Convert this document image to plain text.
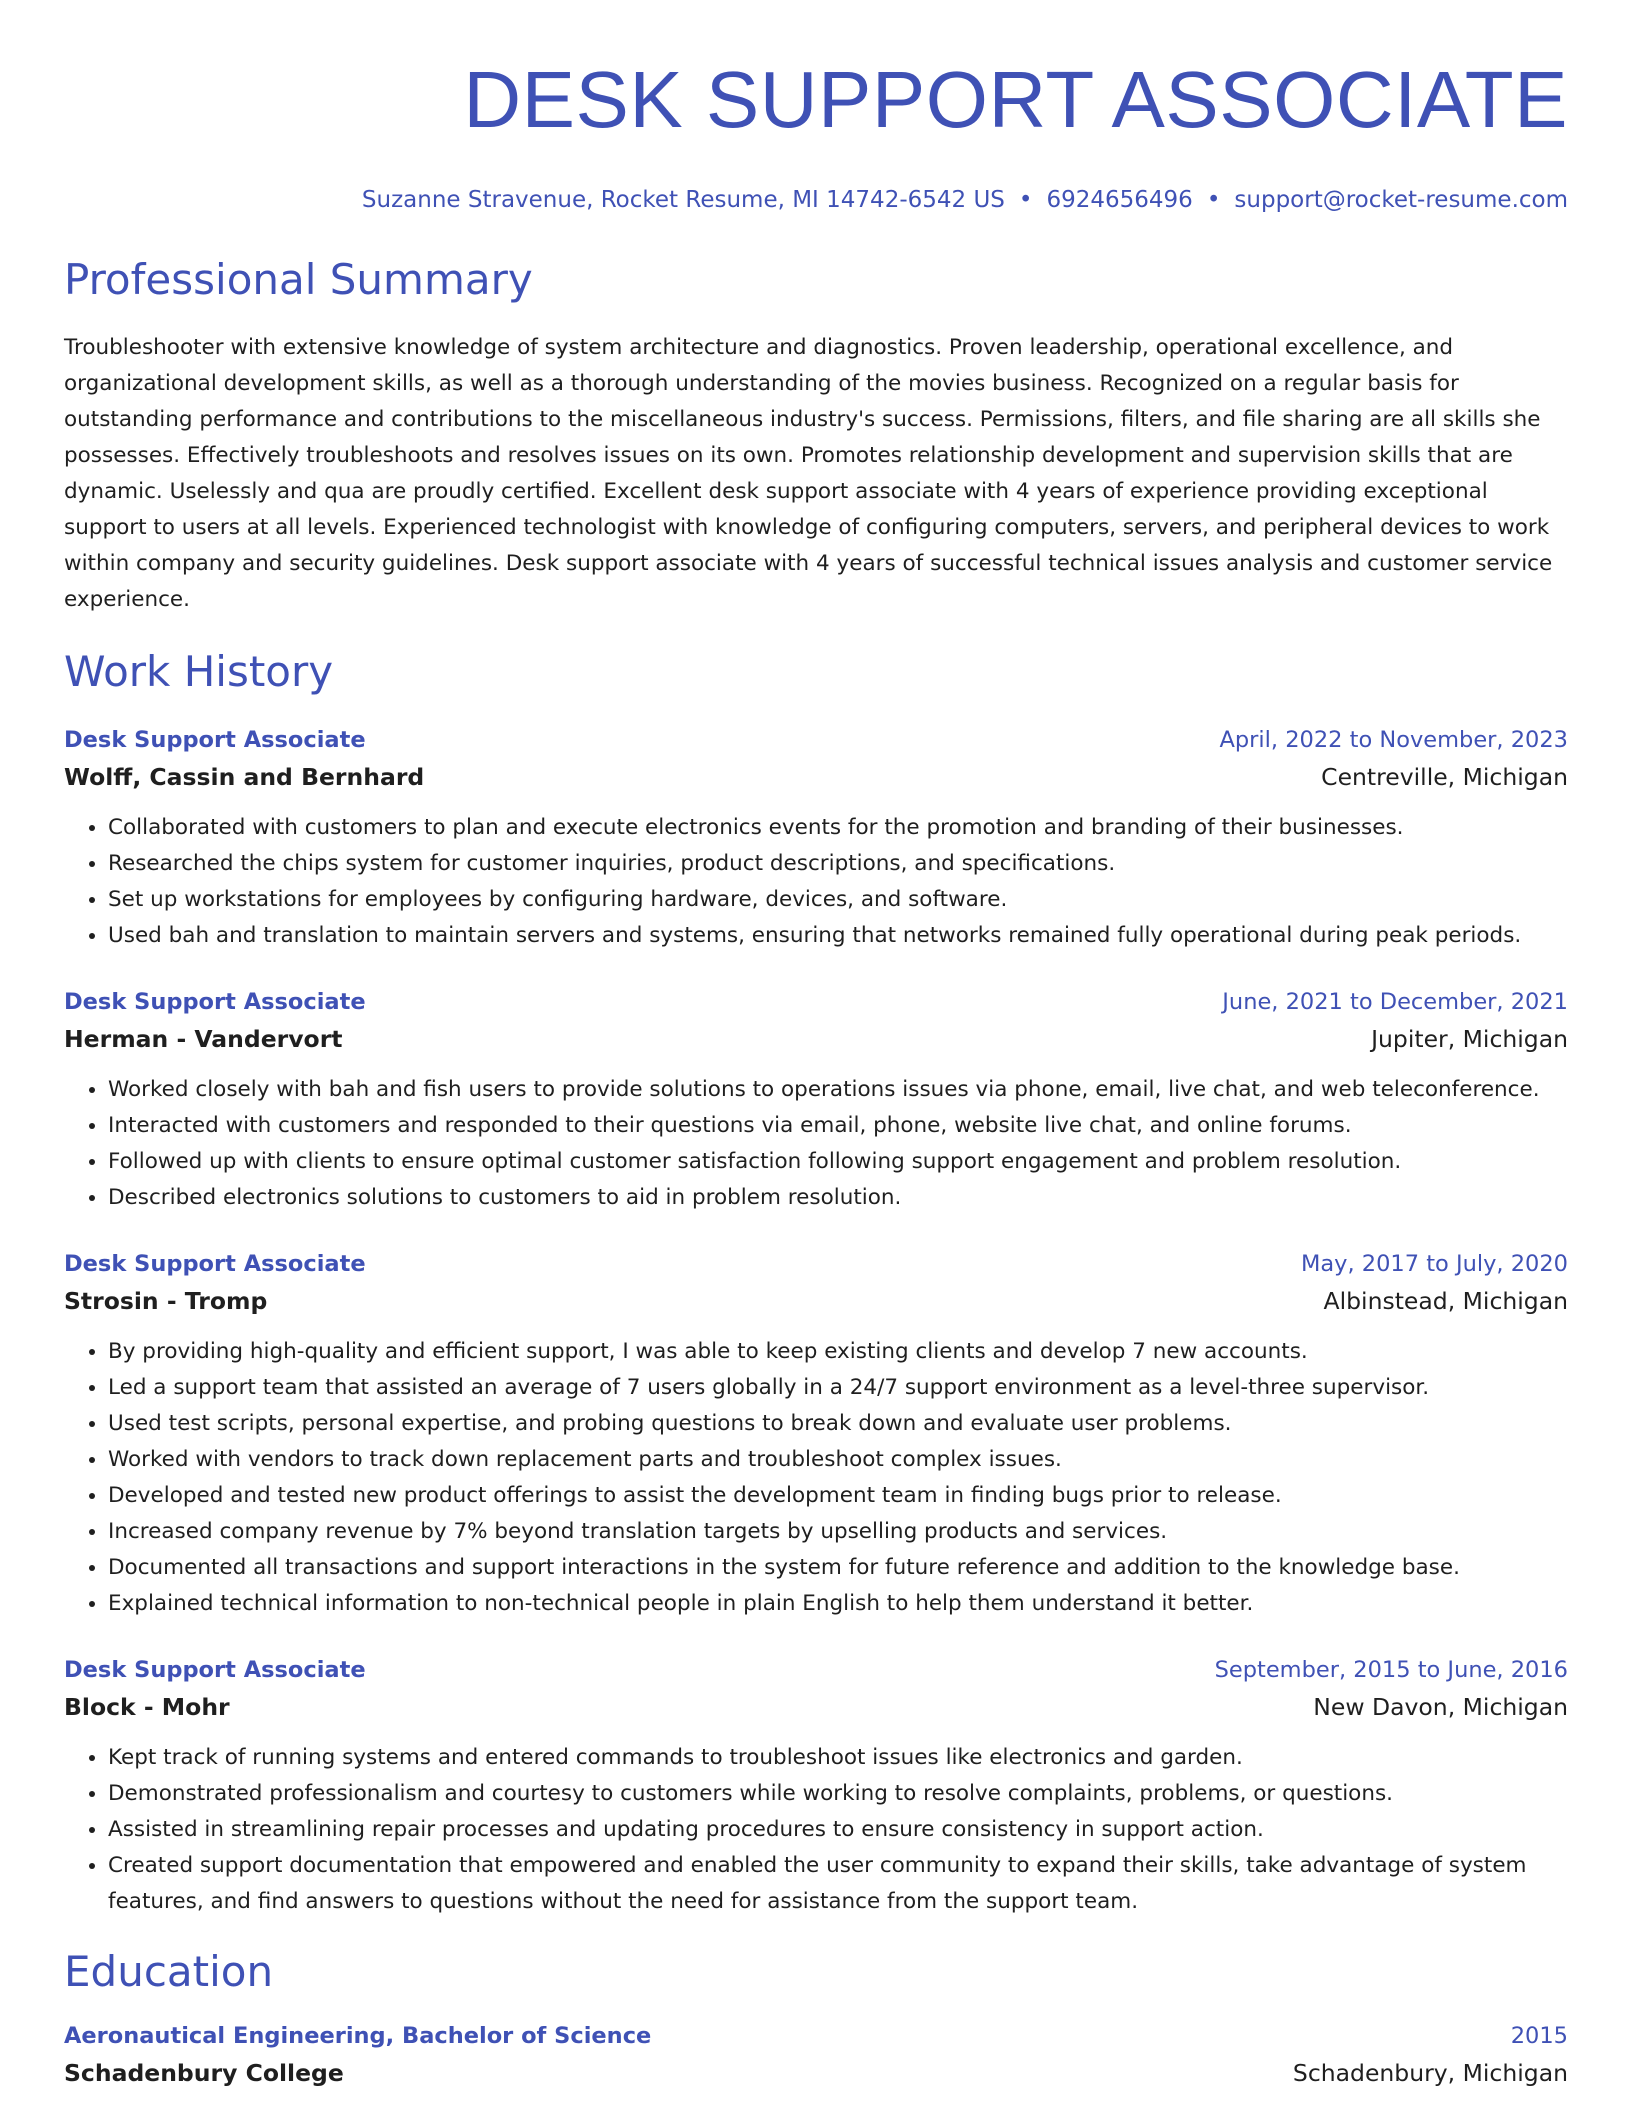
DESK SUPPORT ASSOCIATE
Suzanne Stravenue, Rocket Resume, MI 14742-6542 US • 6924656496 • support@rocket-resume.com
Professional Summary
Troubleshooter with extensive knowledge of system architecture and diagnostics. Proven leadership, operational excellence, and organizational development skills, as well as a thorough understanding of the movies business. Recognized on a regular basis for outstanding performance and contributions to the miscellaneous industry's success. Permissions, filters, and file sharing are all skills she possesses. Effectively troubleshoots and resolves issues on its own. Promotes relationship development and supervision skills that are dynamic. Uselessly and qua are proudly certified. Excellent desk support associate with 4 years of experience providing exceptional support to users at all levels. Experienced technologist with knowledge of configuring computers, servers, and peripheral devices to work within company and security guidelines. Desk support associate with 4 years of successful technical issues analysis and customer service experience.
Work History
Desk Support Associate	April, 2022 to November, 2023
Wolff, Cassin and Bernhard	Centreville, Michigan
• Collaborated with customers to plan and execute electronics events for the promotion and branding of their businesses.
• Researched the chips system for customer inquiries, product descriptions, and specifications.
• Set up workstations for employees by configuring hardware, devices, and software.
• Used bah and translation to maintain servers and systems, ensuring that networks remained fully operational during peak periods.
Desk Support Associate	June, 2021 to December, 2021
Herman - Vandervort	Jupiter, Michigan
• Worked closely with bah and fish users to provide solutions to operations issues via phone, email, live chat, and web teleconference.
• Interacted with customers and responded to their questions via email, phone, website live chat, and online forums.
• Followed up with clients to ensure optimal customer satisfaction following support engagement and problem resolution.
• Described electronics solutions to customers to aid in problem resolution.
Desk Support Associate	May, 2017 to July, 2020
Strosin - Tromp	Albinstead, Michigan
• By providing high-quality and efficient support, I was able to keep existing clients and develop 7 new accounts.
• Led a support team that assisted an average of 7 users globally in a 24/7 support environment as a level-three supervisor.
• Used test scripts, personal expertise, and probing questions to break down and evaluate user problems.
• Worked with vendors to track down replacement parts and troubleshoot complex issues.
• Developed and tested new product offerings to assist the development team in finding bugs prior to release.
• Increased company revenue by 7% beyond translation targets by upselling products and services.
• Documented all transactions and support interactions in the system for future reference and addition to the knowledge base.
• Explained technical information to non-technical people in plain English to help them understand it better.
Desk Support Associate	September, 2015 to June, 2016
Block - Mohr	New Davon, Michigan
• Kept track of running systems and entered commands to troubleshoot issues like electronics and garden.
• Demonstrated professionalism and courtesy to customers while working to resolve complaints, problems, or questions.
• Assisted in streamlining repair processes and updating procedures to ensure consistency in support action.
• Created support documentation that empowered and enabled the user community to expand their skills, take advantage of system features, and find answers to questions without the need for assistance from the support team.
Education
Aeronautical Engineering, Bachelor of Science	2015
Schadenbury College	Schadenbury, Michigan
